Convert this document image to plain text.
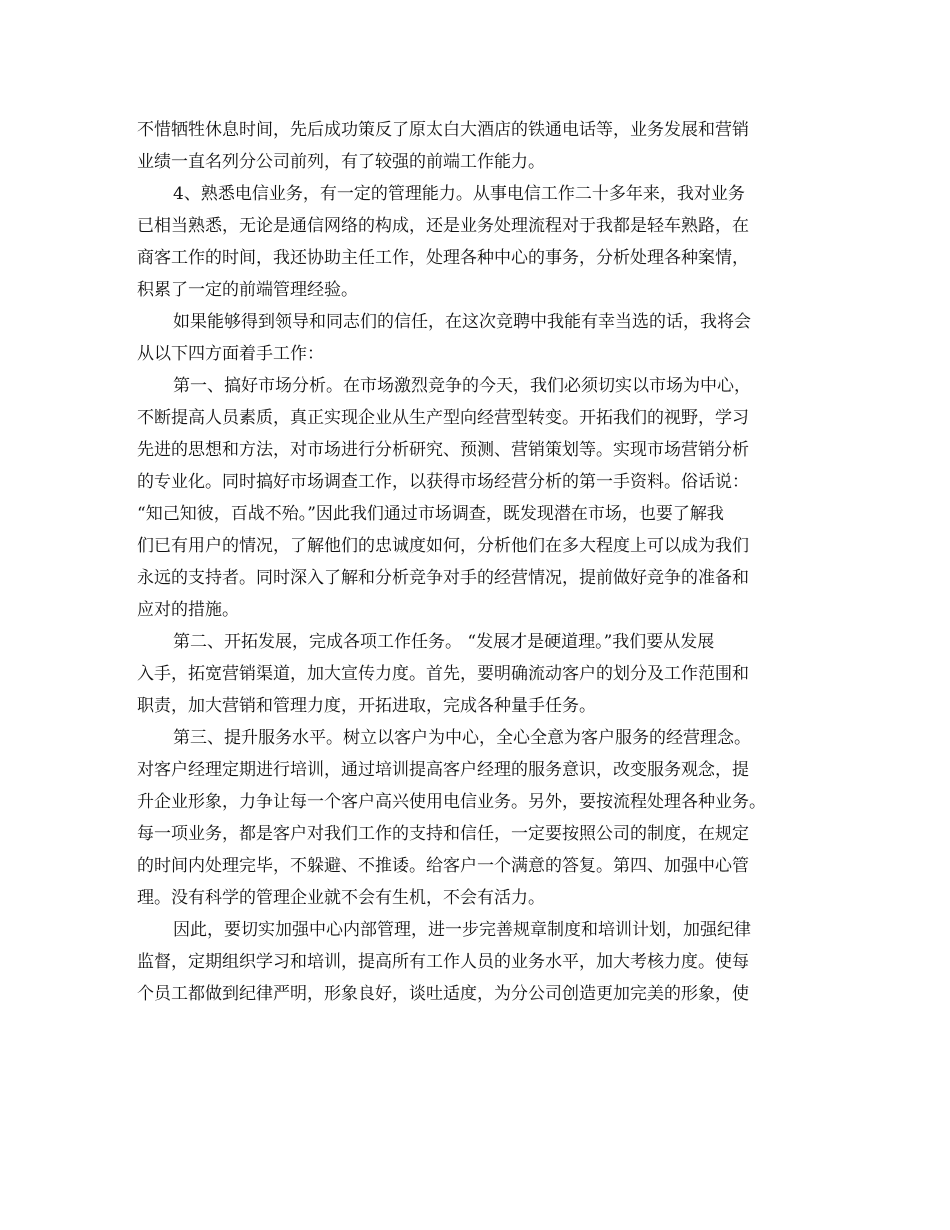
不惜牺牲休息时间，先后成功策反了原太白大酒店的铁通电话等，业务发展和营销
业绩一直名列分公司前列，有了较强的前端工作能力。
4、熟悉电信业务，有一定的管理能力。从事电信工作二十多年来，我对业务
已相当熟悉，无论是通信网络的构成，还是业务处理流程对于我都是轻车熟路，在
商客工作的时间，我还协助主任工作，处理各种中心的事务，分析处理各种案情，
积累了一定的前端管理经验。
如果能够得到领导和同志们的信任，在这次竞聘中我能有幸当选的话，我将会
从以下四方面着手工作：
第一、搞好市场分析。在市场激烈竞争的今天，我们必须切实以市场为中心，
不断提高人员素质，真正实现企业从生产型向经营型转变。开拓我们的视野，学习
先进的思想和方法，对市场进行分析研究、预测、营销策划等。实现市场营销分析
的专业化。同时搞好市场调查工作，以获得市场经营分析的第一手资料。俗话说：
“知己知彼，百战不殆。”因此我们通过市场调查，既发现潜在市场，也要了解我
们已有用户的情况，了解他们的忠诚度如何，分析他们在多大程度上可以成为我们
永远的支持者。同时深入了解和分析竞争对手的经营情况，提前做好竞争的准备和
应对的措施。
第二、开拓发展，完成各项工作任务。 “发展才是硬道理。”我们要从发展
入手，拓宽营销渠道，加大宣传力度。首先，要明确流动客户的划分及工作范围和
职责，加大营销和管理力度，开拓进取，完成各种量手任务。
第三、提升服务水平。树立以客户为中心，全心全意为客户服务的经营理念。
对客户经理定期进行培训，通过培训提高客户经理的服务意识，改变服务观念，提
升企业形象，力争让每一个客户高兴使用电信业务。另外，要按流程处理各种业务。
每一项业务，都是客户对我们工作的支持和信任，一定要按照公司的制度，在规定
的时间内处理完毕，不躲避、不推诿。给客户一个满意的答复。第四、加强中心管
理。没有科学的管理企业就不会有生机，不会有活力。
因此，要切实加强中心内部管理，进一步完善规章制度和培训计划，加强纪律
监督，定期组织学习和培训，提高所有工作人员的业务水平，加大考核力度。使每
个员工都做到纪律严明，形象良好，谈吐适度，为分公司创造更加完美的形象，使
